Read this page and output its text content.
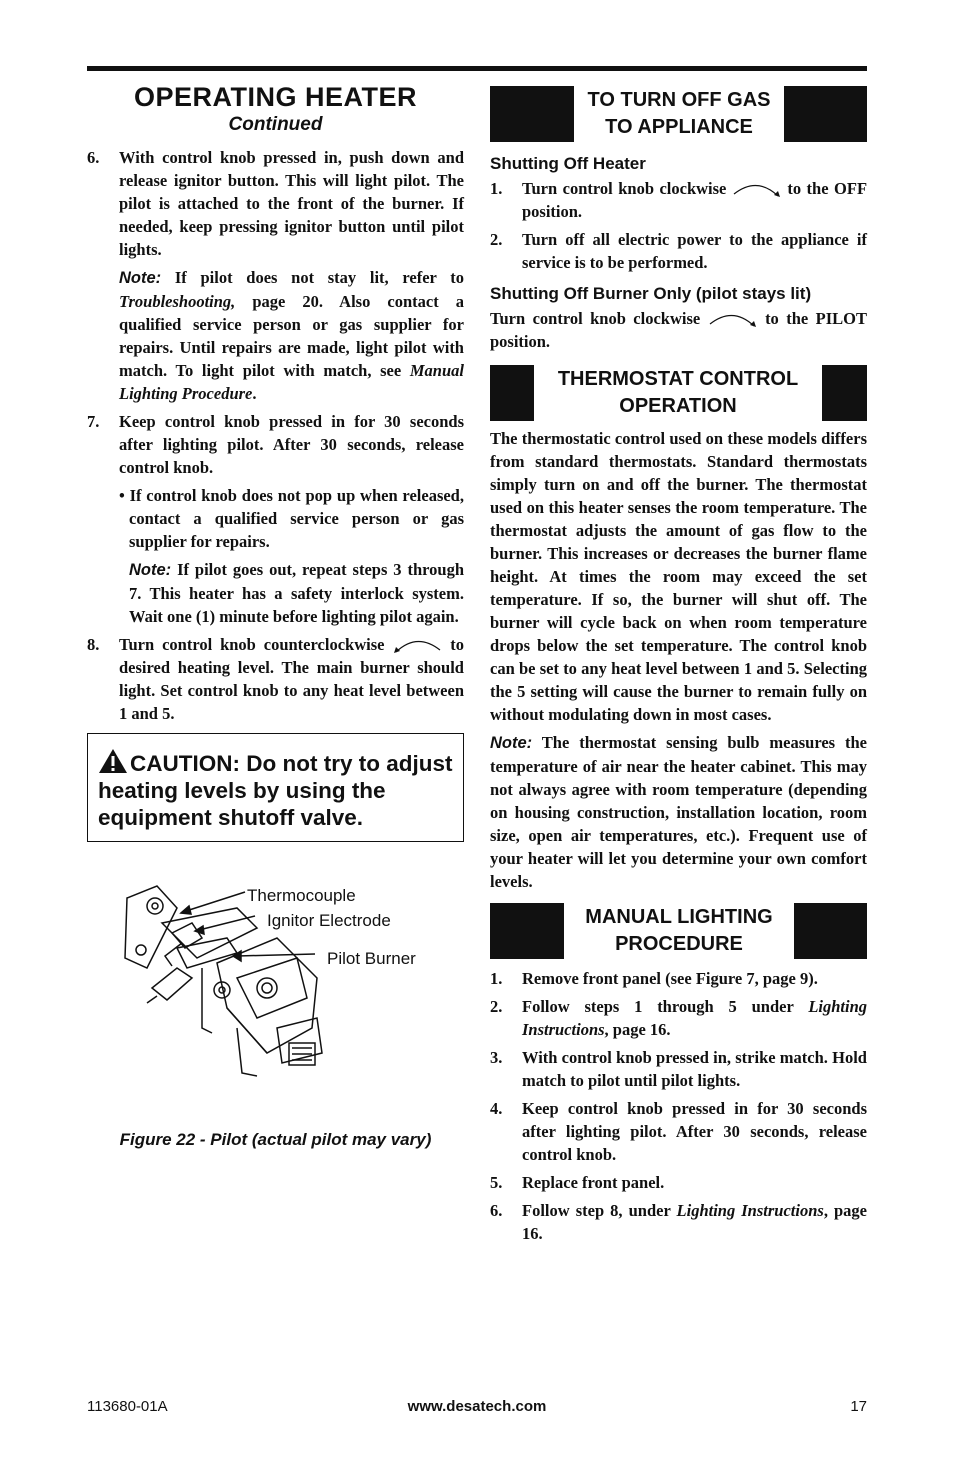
OPERATING HEATER
Continued
6. With control knob pressed in, push down and release ignitor button. This will light pilot. The pilot is attached to the front of the burner. If needed, keep pressing ignitor button until pilot lights.
Note: If pilot does not stay lit, refer to Troubleshooting, page 20. Also contact a qualified service person or gas supplier for repairs. Until repairs are made, light pilot with match. To light pilot with match, see Manual Lighting Procedure.
7. Keep control knob pressed in for 30 seconds after lighting pilot. After 30 seconds, release control knob.
• If control knob does not pop up when released, contact a qualified service person or gas supplier for repairs.
Note: If pilot goes out, repeat steps 3 through 7. This heater has a safety interlock system. Wait one (1) minute before lighting pilot again.
8. Turn control knob counterclockwise	to desired heating level. The main burner should light. Set control knob to any heat level between 1 and 5.
CAUTION: Do not try to adjust heating levels by using the equipment shutoff valve.
Thermocouple
Ignitor Electrode
Pilot Burner
Figure 22 - Pilot (actual pilot may vary)
TO TURN OFF GAS TO APPLIANCE
Shutting Off Heater
1. Turn control knob clockwise	to the OFF position.
2. Turn off all electric power to the appliance if service is to be performed.
Shutting Off Burner Only (pilot stays lit)
Turn control knob clockwise	to the PILOT position.
THERMOSTAT CONTROL OPERATION
The thermostatic control used on these models differs from standard thermostats. Standard thermostats simply turn on and off the burner. The thermostat used on this heater senses the room temperature. The thermostat adjusts the amount of gas flow to the burner. This increases or decreases the burner flame height. At times the room may exceed the set temperature. If so, the burner will shut off. The burner will cycle back on when room temperature drops below the set temperature. The control knob can be set to any heat level between 1 and 5. Selecting the 5 setting will cause the burner to remain fully on without modulating down in most cases.
Note: The thermostat sensing bulb measures the temperature of air near the heater cabinet. This may not always agree with room temperature (depending on housing construction, installation location, room size, open air temperatures, etc.). Frequent use of your heater will let you determine your own comfort levels.
MANUAL LIGHTING PROCEDURE
1. Remove front panel (see Figure 7, page 9).
2. Follow steps 1 through 5 under Lighting Instructions, page 16.
3. With control knob pressed in, strike match. Hold match to pilot until pilot lights.
4. Keep control knob pressed in for 30 seconds after lighting pilot. After 30 seconds, release control knob.
5. Replace front panel.
6. Follow step 8, under Lighting Instructions, page 16.
113680-01A	www.desatech.com	17
